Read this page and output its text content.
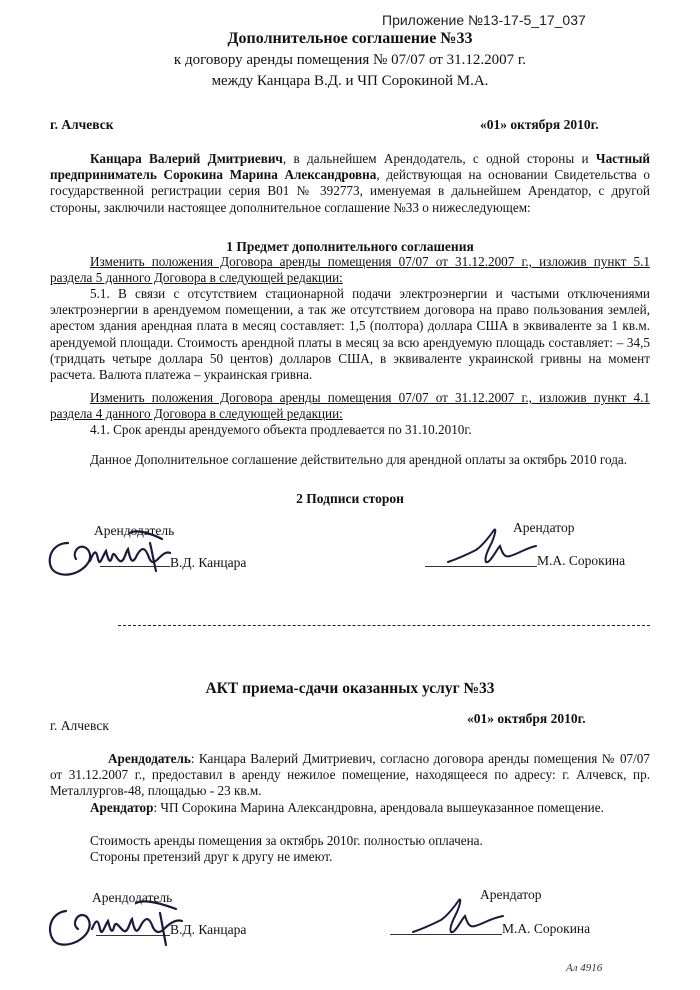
Приложение №13-17-5_17_037
Дополнительное соглашение №33
к договору аренды помещения № 07/07 от 31.12.2007 г.
между Канцара В.Д. и ЧП Сорокиной М.А.
г. Алчевск	«01» октября 2010г.
Канцара Валерий Дмитриевич, в дальнейшем Арендодатель, с одной стороны и Частный предприниматель Сорокина Марина Александровна, действующая на основании Свидетельства о государственной регистрации серия В01 № 392773, именуемая в дальнейшем Арендатор, с другой стороны, заключили настоящее дополнительное соглашение №33 о нижеследующем:
1 Предмет дополнительного соглашения
Изменить положения Договора аренды помещения 07/07 от 31.12.2007 г., изложив пункт 5.1 раздела 5 данного Договора в следующей редакции:
5.1. В связи с отсутствием стационарной подачи электроэнергии и частыми отключениями электроэнергии в арендуемом помещении, а так же отсутствием договора на право пользования землей, арестом здания арендная плата в месяц составляет: 1,5 (полтора) доллара США в эквиваленте за 1 кв.м. арендуемой площади. Стоимость арендной платы в месяц за всю арендуемую площадь составляет: – 34,5 (тридцать четыре доллара 50 центов) долларов США, в эквиваленте украинской гривны на момент расчета. Валюта платежа – украинская гривна.
Изменить положения Договора аренды помещения 07/07 от 31.12.2007 г., изложив пункт 4.1 раздела 4 данного Договора в следующей редакции:
4.1. Срок аренды арендуемого объекта продлевается по 31.10.2010г.
Данное Дополнительное соглашение действительно для арендной оплаты за октябрь 2010 года.
2 Подписи сторон
Арендодатель
В.Д. Канцара
Арендатор
М.А. Сорокина
АКТ приема-сдачи оказанных услуг №33
г. Алчевск	«01» октября 2010г.
Арендодатель: Канцара Валерий Дмитриевич, согласно договора аренды помещения № 07/07 от 31.12.2007 г., предоставил в аренду нежилое помещение, находящееся по адресу: г. Алчевск, пр. Металлургов-48, площадью - 23 кв.м.
Арендатор: ЧП Сорокина Марина Александровна, арендовала вышеуказанное помещение.
Стоимость аренды помещения за октябрь 2010г. полностью оплачена.
Стороны претензий друг к другу не имеют.
Арендодатель
В.Д. Канцара
Арендатор
М.А. Сорокина
Ал 4916
